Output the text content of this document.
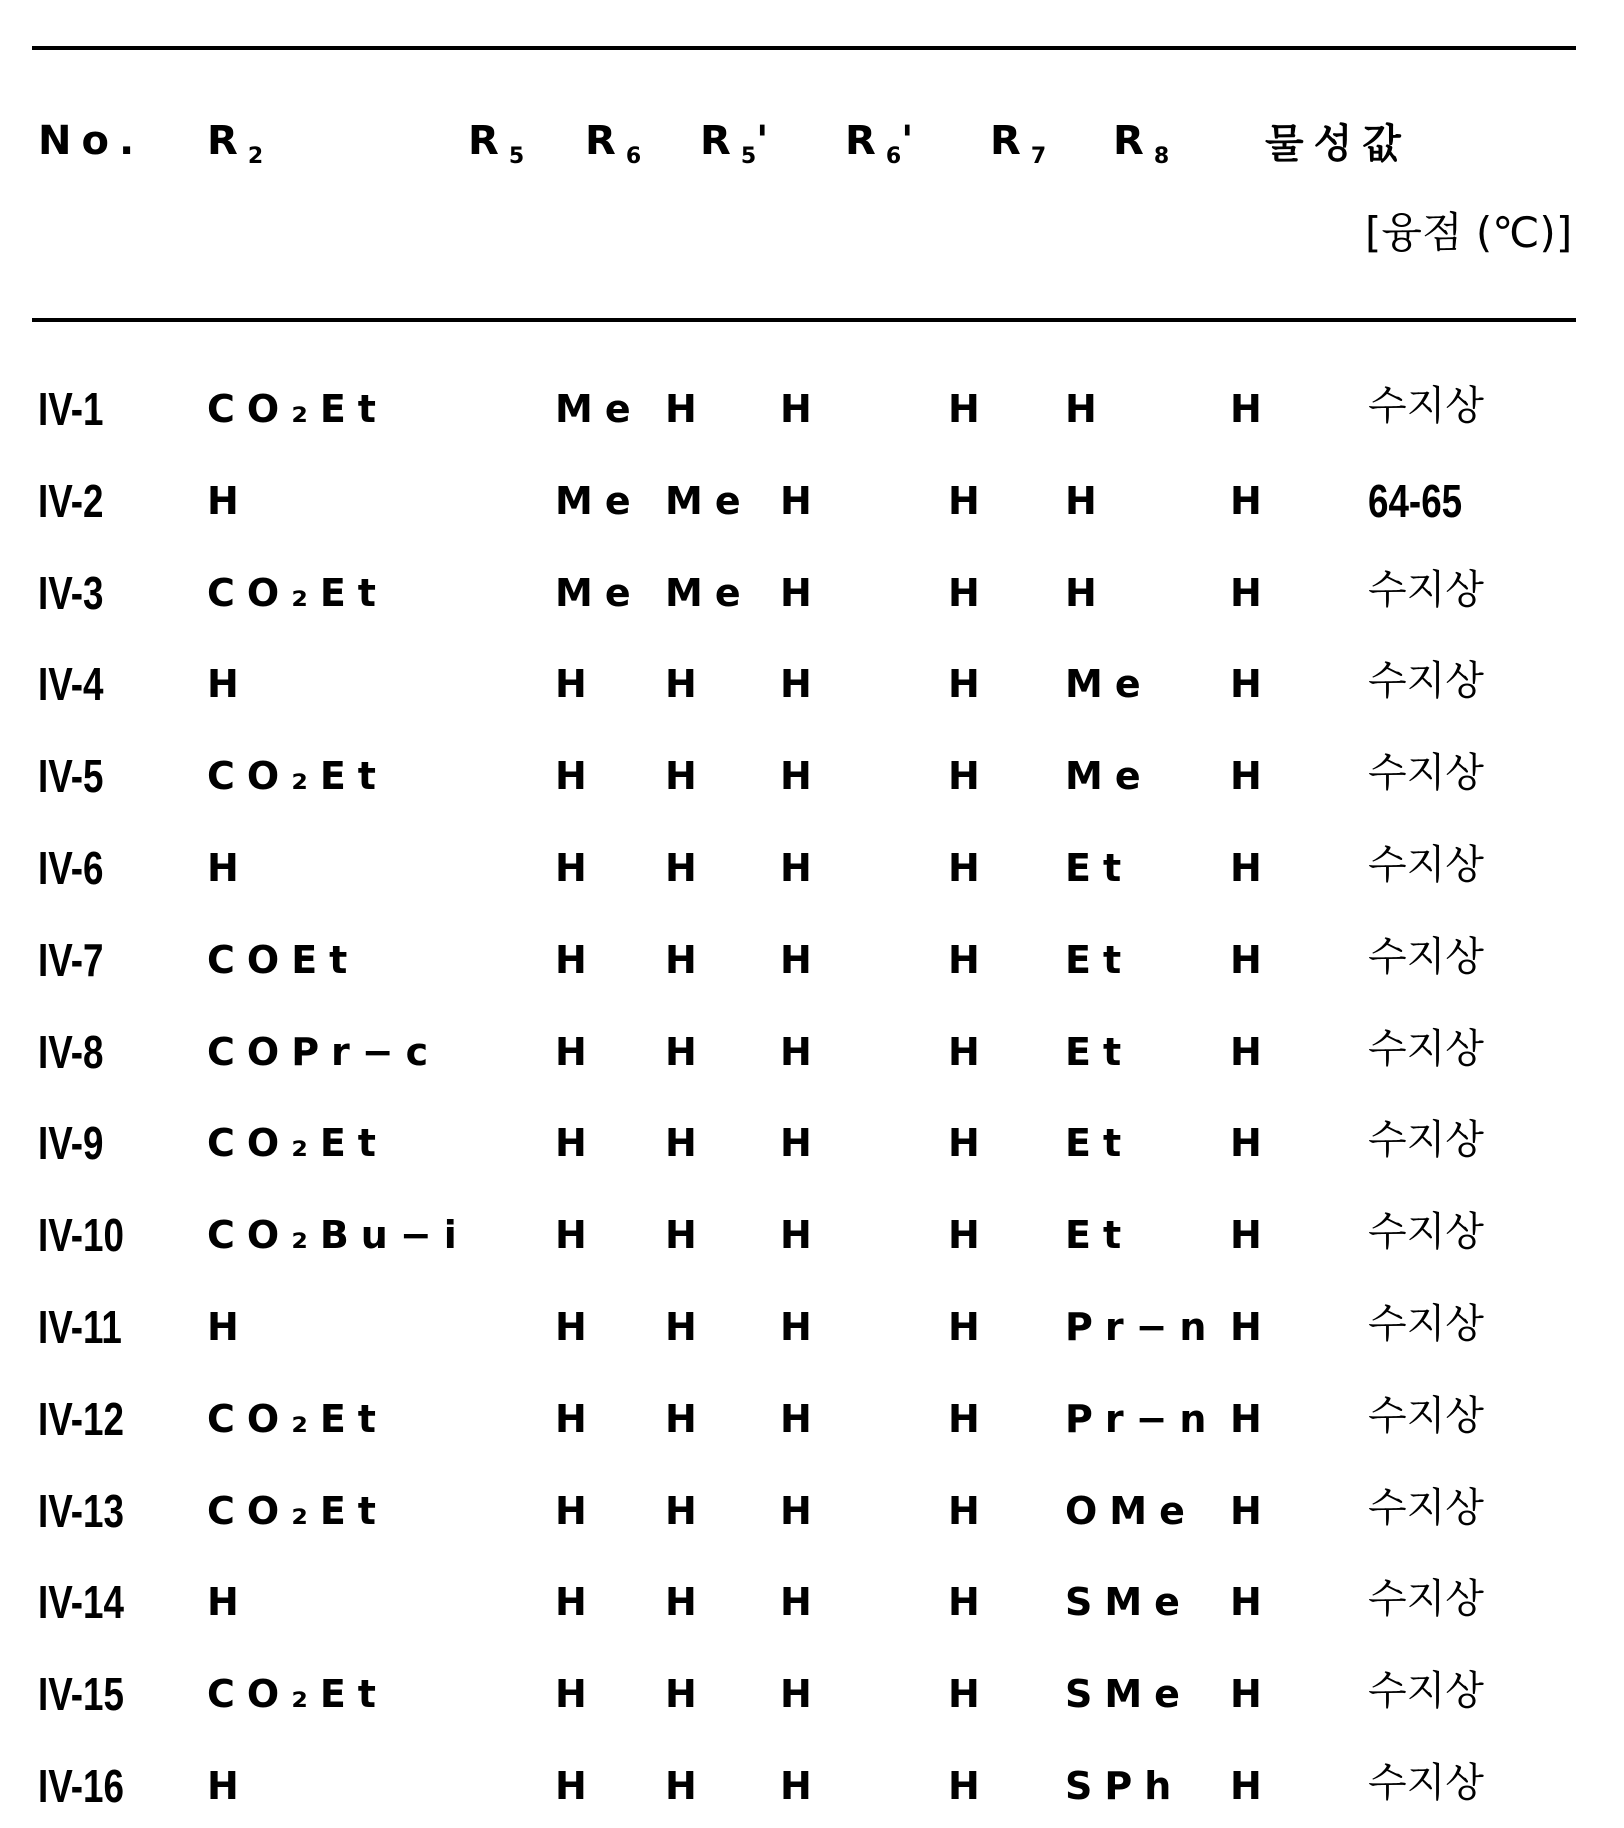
No. R2	R5 R6 R5' R6' R7 R8 물성값
[융점 (℃)]
IV-1	CO₂Et	Me H H	H H	H 수지상
IV-2	H	Me Me H	H H	H 64-65
IV-3	CO₂Et	Me Me H	H H	H 수지상
IV-4	H	H H H	H Me H 수지상
IV-5	CO₂Et	H H H	H Me H 수지상
IV-6	H	H H H	H Et	H 수지상
IV-7	COEt	H H H	H Et	H 수지상
IV-8	COPr−c	H H H	H Et	H 수지상
IV-9	CO₂Et	H H H	H Et	H 수지상
IV-10 CO₂Bu−i H H H	H Et	H 수지상
IV-11 H	H H H	H Pr−n H 수지상
IV-12 CO₂Et	H H H	H Pr−n H 수지상
IV-13 CO₂Et	H H H	H OMe H 수지상
IV-14 H	H H H	H SMe H 수지상
IV-15 CO₂Et	H H H	H SMe H 수지상
IV-16 H	H H H	H SPh H 수지상
